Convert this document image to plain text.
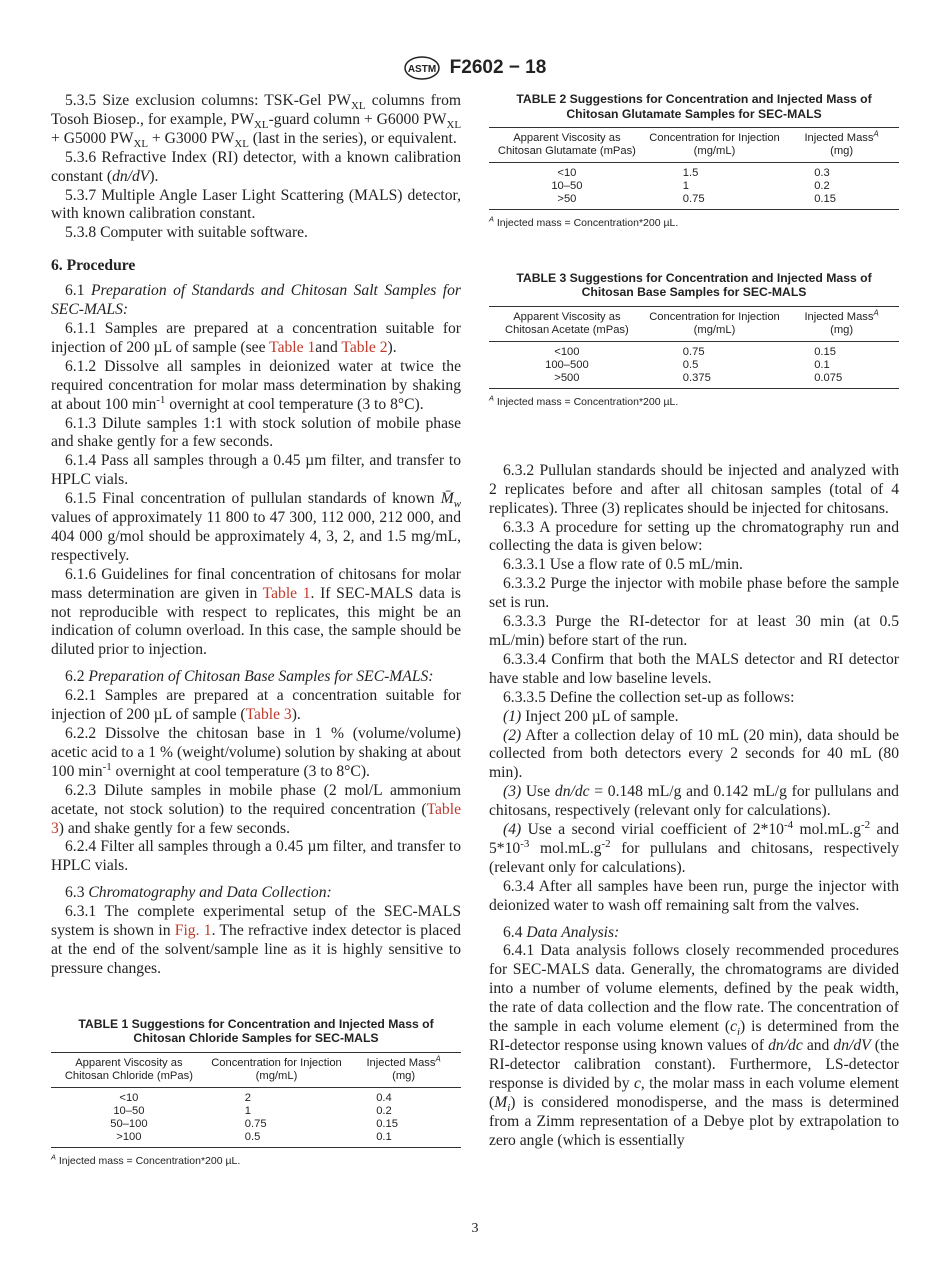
ASTM F2602 − 18

5.3.5 Size exclusion columns: TSK-Gel $PW_{XL}$ columns from Tosoh Biosep., for example, $PW_{XL}$-guard column + G6000 $PW_{XL} + G5000$ $PW_{XL} + G3000$ $PW_{XL}$ (last in the series), or equivalent.

5.3.6 Refractive Index (RI) detector, with a known calibration constant (dn/dV).

5.3.7 Multiple Angle Laser Light Scattering (MALS) detector, with known calibration constant.

5.3.8 Computer with suitable software.

6. Procedure

6.1 Preparation of Standards and Chitosan Salt Samples for SEC-MALS:

6.1.1 Samples are prepared at a concentration suitable for injection of 200 µL of sample (see Table 1and Table 2).

6.1.2 Dissolve all samples in deionized water at twice the required concentration for molar mass determination by shaking at about 100 $\min^{-1}$ overnight at cool temperature (3 to 8°C).

6.1.3 Dilute samples 1:1 with stock solution of mobile phase and shake gently for a few seconds.

6.1.4 Pass all samples through a 0.45 µm filter, and transfer to HPLC vials.

6.1.5 Final concentration of pullulan standards of known $M̄_w$ values of approximately 11 800 to 47 300, 112 000, 212 000, and 404 000 g/mol should be approximately 4, 3, 2, and 1.5 mg/mL, respectively.

6.1.6 Guidelines for final concentration of chitosans for molar mass determination are given in Table 1. If SEC-MALS data is not reproducible with respect to replicates, this might be an indication of column overload. In this case, the sample should be diluted prior to injection.

6.2 Preparation of Chitosan Base Samples for SEC-MALS:

6.2.1 Samples are prepared at a concentration suitable for injection of 200 µL of sample (Table 3).

6.2.2 Dissolve the chitosan base in 1 % (volume/volume) acetic acid to a 1 % (weight/volume) solution by shaking at about 100 $\min^{-1}$ overnight at cool temperature (3 to 8°C).

6.2.3 Dilute samples in mobile phase (2 mol/L ammonium acetate, not stock solution) to the required concentration (Table 3) and shake gently for a few seconds.

6.2.4 Filter all samples through a 0.45 µm filter, and transfer to HPLC vials.

6.3 Chromatography and Data Collection:

6.3.1 The complete experimental setup of the SEC-MALS system is shown in Fig. 1. The refractive index detector is placed at the end of the solvent/sample line as it is highly sensitive to pressure changes.

TABLE 1 Suggestions for Concentration and Injected Mass of Chitosan Chloride Samples for SEC-MALS
Apparent Viscosity as Chitosan Chloride (mPas)	Concentration for Injection (mg/mL)	Injected Mass$^A$
(mg)
<10	2	0.4
10–50	1	0.2
50–100	0.75	0.15
>100	0.5	0.1
$^A$ Injected mass = Concentration*200 µL.
TABLE 2 Suggestions for Concentration and Injected Mass of Chitosan Glutamate Samples for SEC-MALS
Apparent Viscosity as Chitosan Glutamate (mPas)	Concentration for Injection (mg/mL)	Injected Mass$^A$
(mg)
<10	1.5	0.3
10–50	1	0.2
>50	0.75	0.15
$^A$ Injected mass = Concentration*200 µL.
TABLE 3 Suggestions for Concentration and Injected Mass of Chitosan Base Samples for SEC-MALS
Apparent Viscosity as Chitosan Acetate (mPas)	Concentration for Injection (mg/mL)	Injected Mass$^A$
(mg)
<100	0.75	0.15
100–500	0.5	0.1
>500	0.375	0.075
$^A$ Injected mass = Concentration*200 µL.

6.3.2 Pullulan standards should be injected and analyzed with 2 replicates before and after all chitosan samples (total of 4 replicates). Three (3) replicates should be injected for chitosans.

6.3.3 A procedure for setting up the chromatography run and collecting the data is given below:

6.3.3.1 Use a flow rate of 0.5 mL/min.

6.3.3.2 Purge the injector with mobile phase before the sample set is run.

6.3.3.3 Purge the RI-detector for at least 30 min (at 0.5 mL/min) before start of the run.

6.3.3.4 Confirm that both the MALS detector and RI detector have stable and low baseline levels.

6.3.3.5 Define the collection set-up as follows:

(1) Inject 200 µL of sample.

(2) After a collection delay of 10 mL (20 min), data should be collected from both detectors every 2 seconds for 40 mL (80 min).

(3) Use dn/dc = 0.148 mL/g and 0.142 mL/g for pullulans and chitosans, respectively (relevant only for calculations).

(4) Use a second virial coefficient of $2*10^{-4}$ $mol.mL.g^{-2}$ and $5*10^{-3}$ $mol.mL.g^{-2}$ for pullulans and chitosans, respectively (relevant only for calculations).

6.3.4 After all samples have been run, purge the injector with deionized water to wash off remaining salt from the valves.

6.4 Data Analysis:

6.4.1 Data analysis follows closely recommended procedures for SEC-MALS data. Generally, the chromatograms are divided into a number of volume elements, defined by the peak width, the rate of data collection and the flow rate. The concentration of the sample in each volume element $(c_i)$ is determined from the RI-detector response using known values of dn/dc and dn/dV (the RI-detector calibration constant). Furthermore, LS-detector response is divided by c, the molar mass in each volume element $(M_i)$ is considered monodisperse, and the mass is determined from a Zimm representation of a Debye plot by extrapolation to zero angle (which is essentially

3
